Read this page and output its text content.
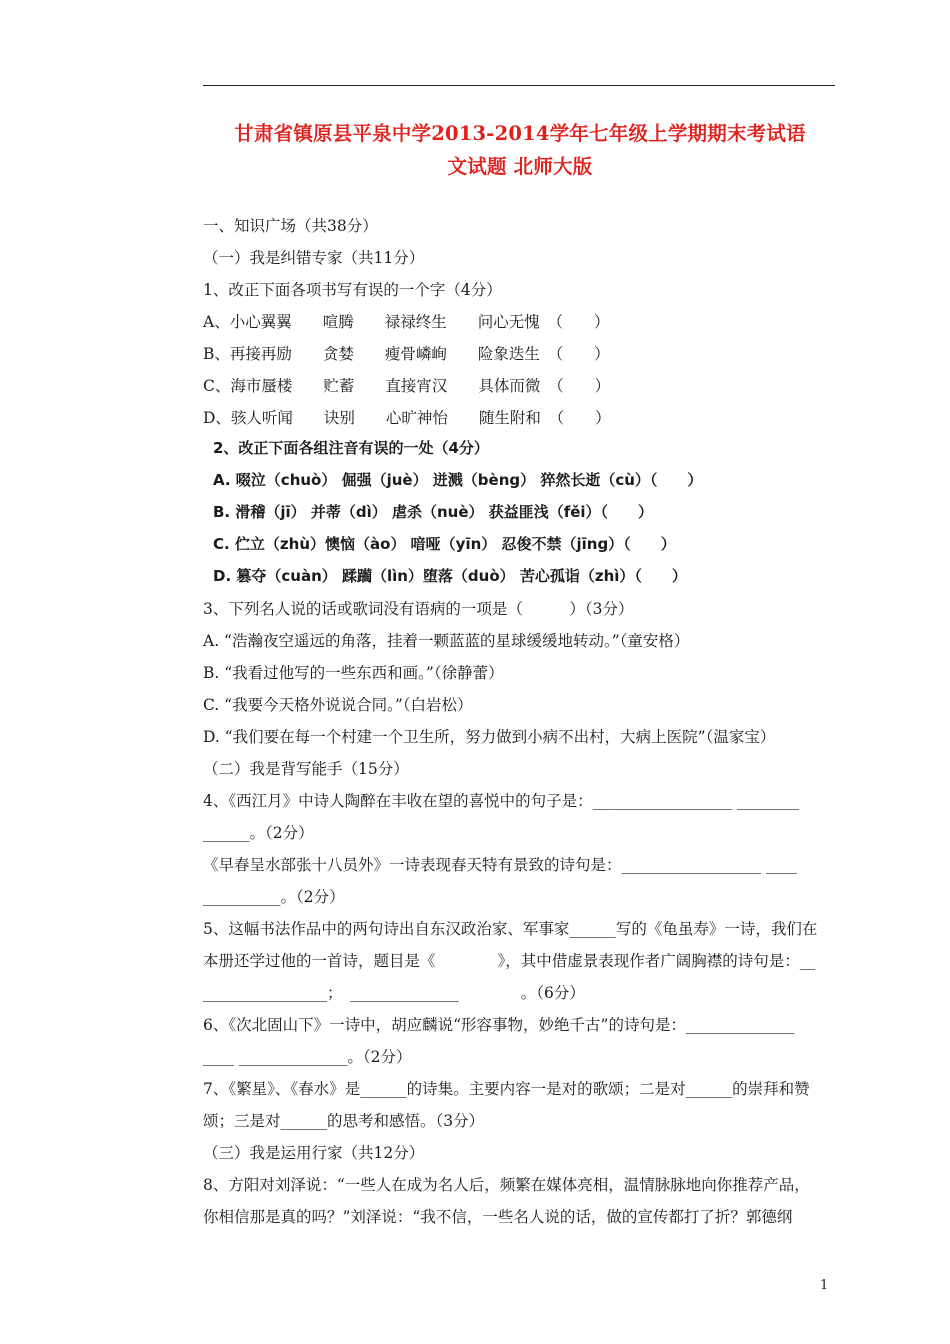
甘肃省镇原县平泉中学2013-2014学年七年级上学期期末考试语
文试题 北师大版
一、知识广场（共38分）
（一）我是纠错专家（共11分）
1、改正下面各项书写有误的一个字（4分）
A、小心翼翼　　喧腾　　禄禄终生　　问心无愧　（　　）
B、再接再励　　贪婪　　瘦骨嶙峋　　险象迭生　（　　）
C、海市蜃楼　　贮蓄　　直接宵汉　　具体而微　（　　）
D、骇人听闻　　诀别　　心旷神怡　　随生附和　（　　）
2、改正下面各组注音有误的一处（4分）
A. 啜泣（chuò） 倔强（juè） 迸溅（bèng） 猝然长逝（cù）（　　）
B. 滑稽（jī） 并蒂（dì） 虐杀（nuè） 获益匪浅（fěi）（　　）
C. 伫立（zhù）懊恼（ào） 喑哑（yīn） 忍俊不禁（jīng）（　　）
D. 篡夺（cuàn） 蹂躏（lìn）堕落（duò） 苦心孤诣（zhì）（　　）
3、下列名人说的话或歌词没有语病的一项是（　　　）（3分）
A. “浩瀚夜空遥远的角落，挂着一颗蓝蓝的星球缓缓地转动。”（童安格）
B. “我看过他写的一些东西和画。”（徐静蕾）
C. “我要今天格外说说合同。”（白岩松）
D. “我们要在每一个村建一个卫生所，努力做到小病不出村，大病上医院”（温家宝）
（二）我是背写能手（15分）
4、《西江月》中诗人陶醉在丰收在望的喜悦中的句子是：__________________ ________
______。（2分）
《早春呈水部张十八员外》一诗表现春天特有景致的诗句是：__________________ ____
__________。（2分）
5、这幅书法作品中的两句诗出自东汉政治家、军事家______写的《龟虽寿》一诗，我们在
本册还学过他的一首诗，题目是《　　　　》，其中借虚景表现作者广阔胸襟的诗句是：__
________________；　______________　　　　。（6分）
6、《次北固山下》一诗中，胡应麟说“形容事物，妙绝千古”的诗句是：______________
____ ______________。（2分）
7、《繁星》、《春水》是______的诗集。主要内容一是对的歌颂；二是对______的崇拜和赞
颂；三是对______的思考和感悟。（3分）
（三）我是运用行家（共12分）
8、方阳对刘泽说：“一些人在成为名人后，频繁在媒体亮相，温情脉脉地向你推荐产品，
你相信那是真的吗？”刘泽说：“我不信，一些名人说的话，做的宣传都打了折？郭德纲
1
